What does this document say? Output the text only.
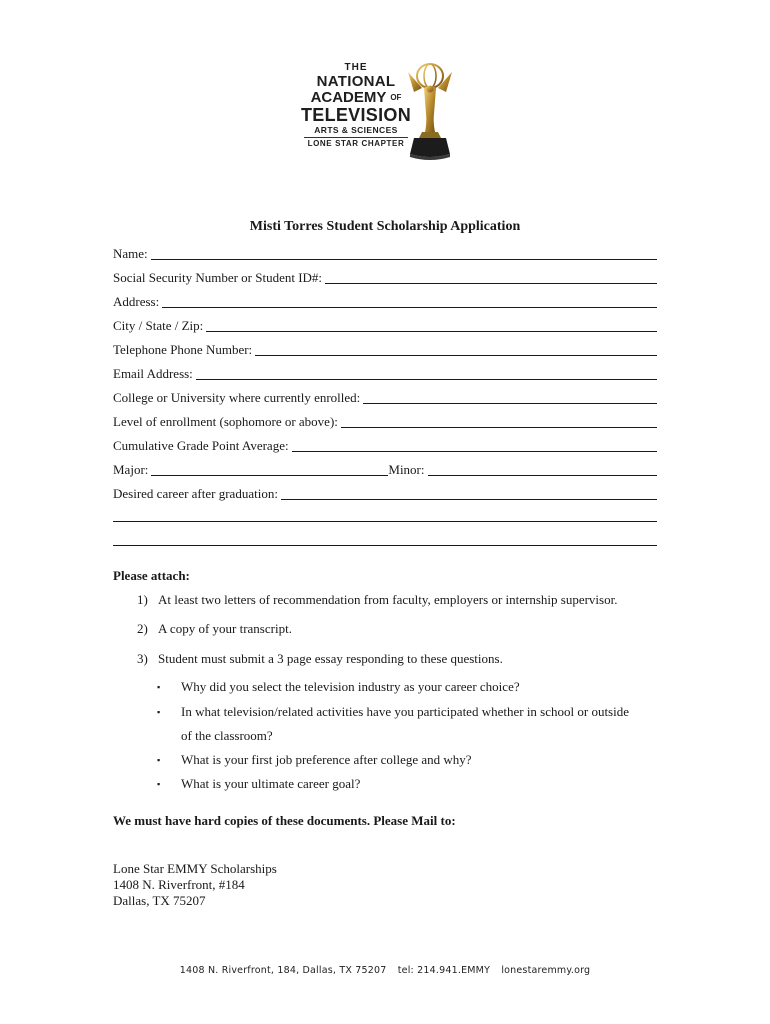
THE
NATIONAL
ACADEMY OF
TELEVISION
ARTS & SCIENCES
LONE STAR CHAPTER
Misti Torres Student Scholarship Application
Name:
Social Security Number or Student ID#:
Address:
City / State / Zip:
Telephone Phone Number:
Email Address:
College or University where currently enrolled:
Level of enrollment (sophomore or above):
Cumulative Grade Point Average:
Major:	Minor:
Desired career after graduation:
Please attach:
1) At least two letters of recommendation from faculty, employers or internship supervisor.
2) A copy of your transcript.
3) Student must submit a 3 page essay responding to these questions.
▪ Why did you select the television industry as your career choice?
▪ In what television/related activities have you participated whether in school or outside
of the classroom?
▪ What is your first job preference after college and why?
▪ What is your ultimate career goal?
We must have hard copies of these documents. Please Mail to:
Lone Star EMMY Scholarships
1408 N. Riverfront, #184
Dallas, TX 75207
1408 N. Riverfront, 184, Dallas, TX 75207 tel: 214.941.EMMY lonestaremmy.org
